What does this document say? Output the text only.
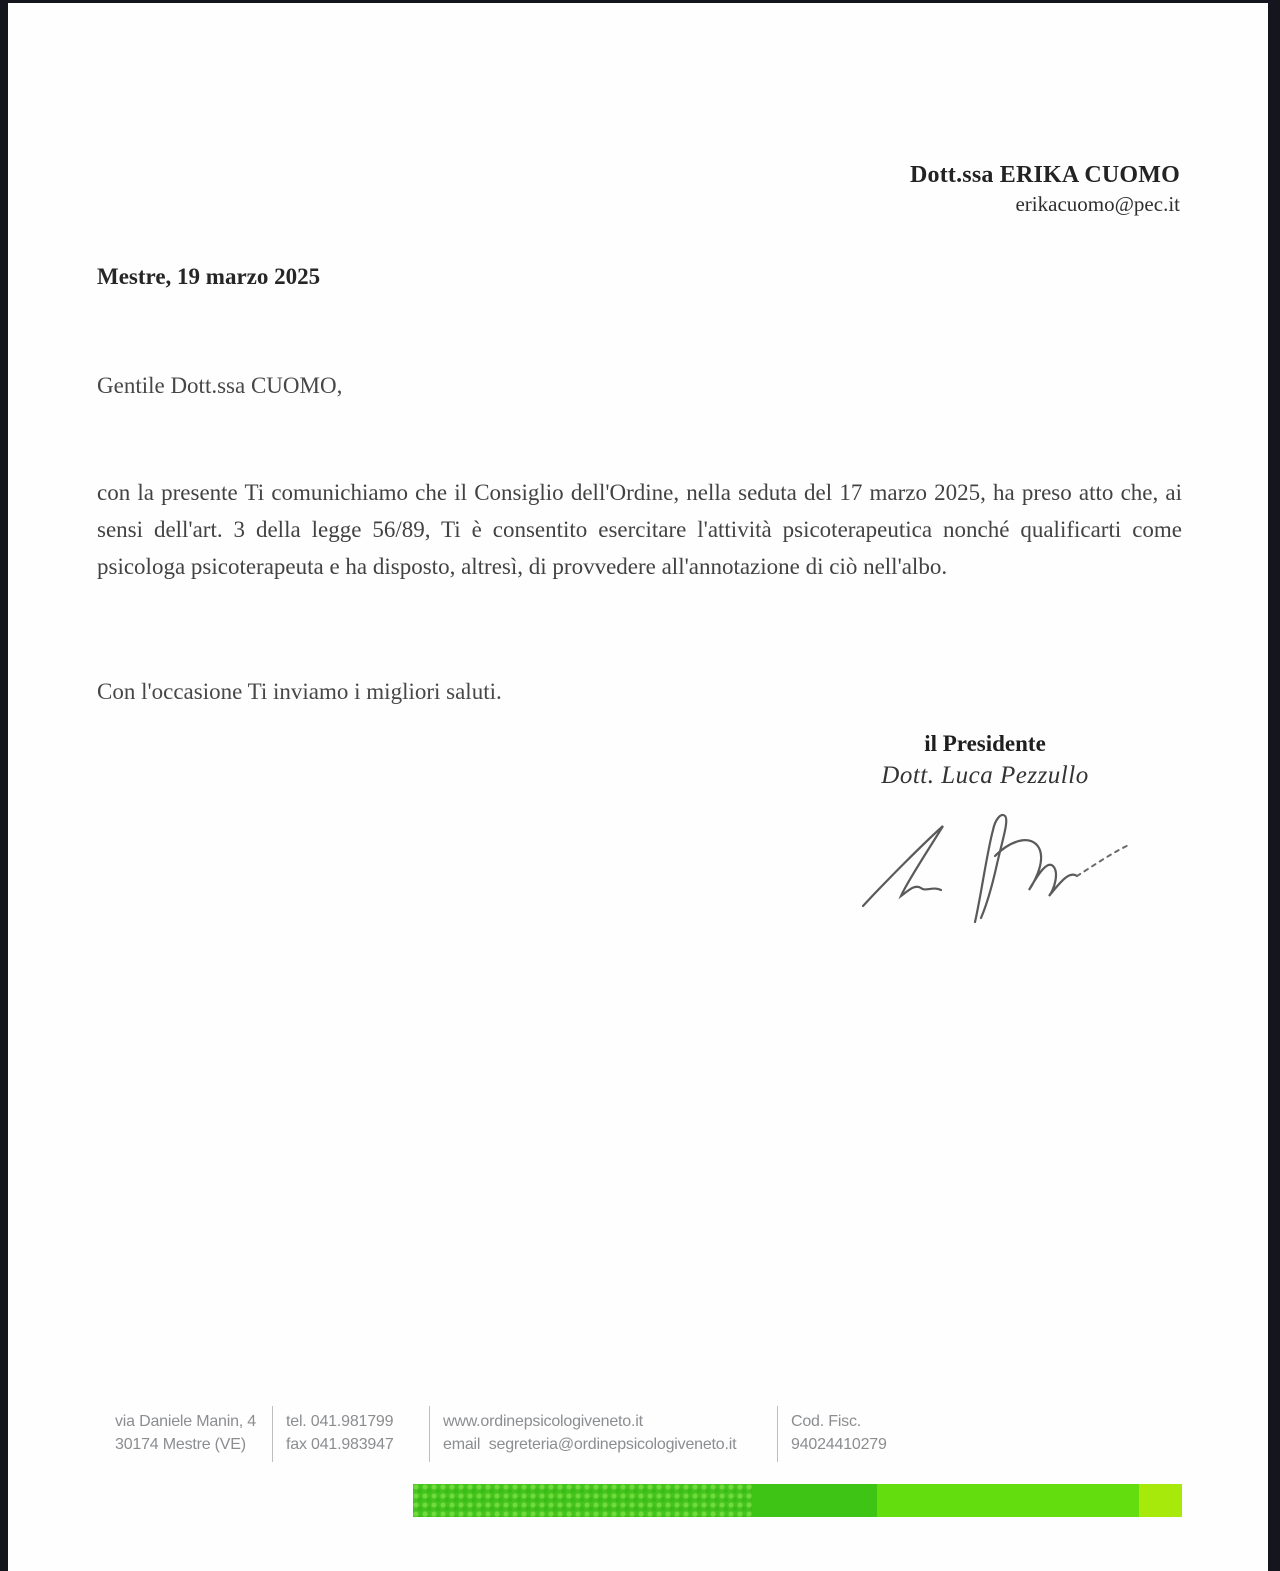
Dott.ssa ERIKA CUOMO
erikacuomo@pec.it
Mestre, 19 marzo 2025
Gentile Dott.ssa CUOMO,
con la presente Ti comunichiamo che il Consiglio dell'Ordine, nella seduta del 17 marzo 2025, ha preso atto che, ai sensi dell'art. 3 della legge 56/89, Ti è consentito esercitare l'attività psicoterapeutica nonché qualificarti come psicologa psicoterapeuta e ha disposto, altresì, di provvedere all'annotazione di ciò nell'albo.
Con l'occasione Ti inviamo i migliori saluti.
il Presidente
Dott. Luca Pezzullo
via Daniele Manin, 4
30174 Mestre (VE)
tel. 041.981799
fax 041.983947
www.ordinepsicologiveneto.it
email  segreteria@ordinepsicologiveneto.it
Cod. Fisc.
94024410279
